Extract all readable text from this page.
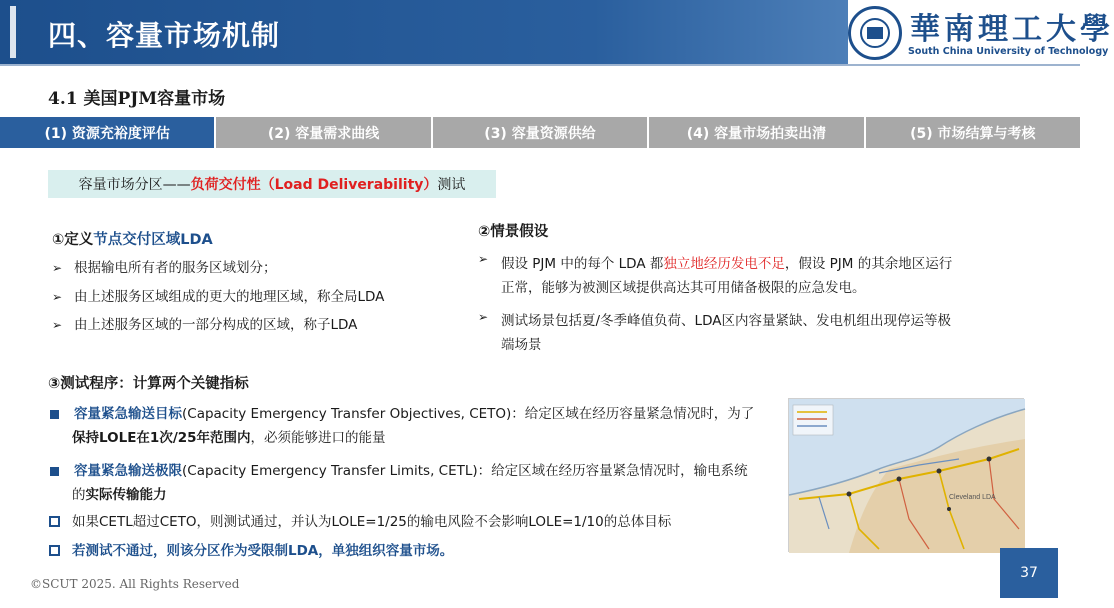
四、容量市场机制	華南理工大學
South China University of Technology
4.1 美国PJM容量市场
(1) 资源充裕度评估	(2) 容量需求曲线	(3) 容量资源供给	(4) 容量市场拍卖出清	(5) 市场结算与考核
容量市场分区—— 负荷交付性（Load Deliverability） 测试
①定义节点交付区域LDA
➢ 根据输电所有者的服务区域划分；
➢ 由上述服务区域组成的更大的地理区域，称全局LDA
➢ 由上述服务区域的一部分构成的区域，称子LDA
②情景假设
➢ 假设 PJM 中的每个 LDA 都独立地经历发电不足，假设 PJM 的其余地区运行
正常，能够为被测区域提供高达其可用储备极限的应急发电。
➢ 测试场景包括夏/冬季峰值负荷、LDA区内容量紧缺、发电机组出现停运等极
端场景
③测试程序：计算两个关键指标
容量紧急输送目标(Capacity Emergency Transfer Objectives, CETO)：给定区域在经历容量紧急情况时，为了
保持LOLE在1次/25年范围内，必须能够进口的能量
容量紧急输送极限(Capacity Emergency Transfer Limits, CETL)：给定区域在经历容量紧急情况时，输电系统
的实际传输能力
如果CETL超过CETO，则测试通过，并认为LOLE=1/25的输电风险不会影响LOLE=1/10的总体目标
若测试不通过，则该分区作为受限制LDA，单独组织容量市场。
Cleveland LDA
©SCUT 2025. All Rights Reserved
37
